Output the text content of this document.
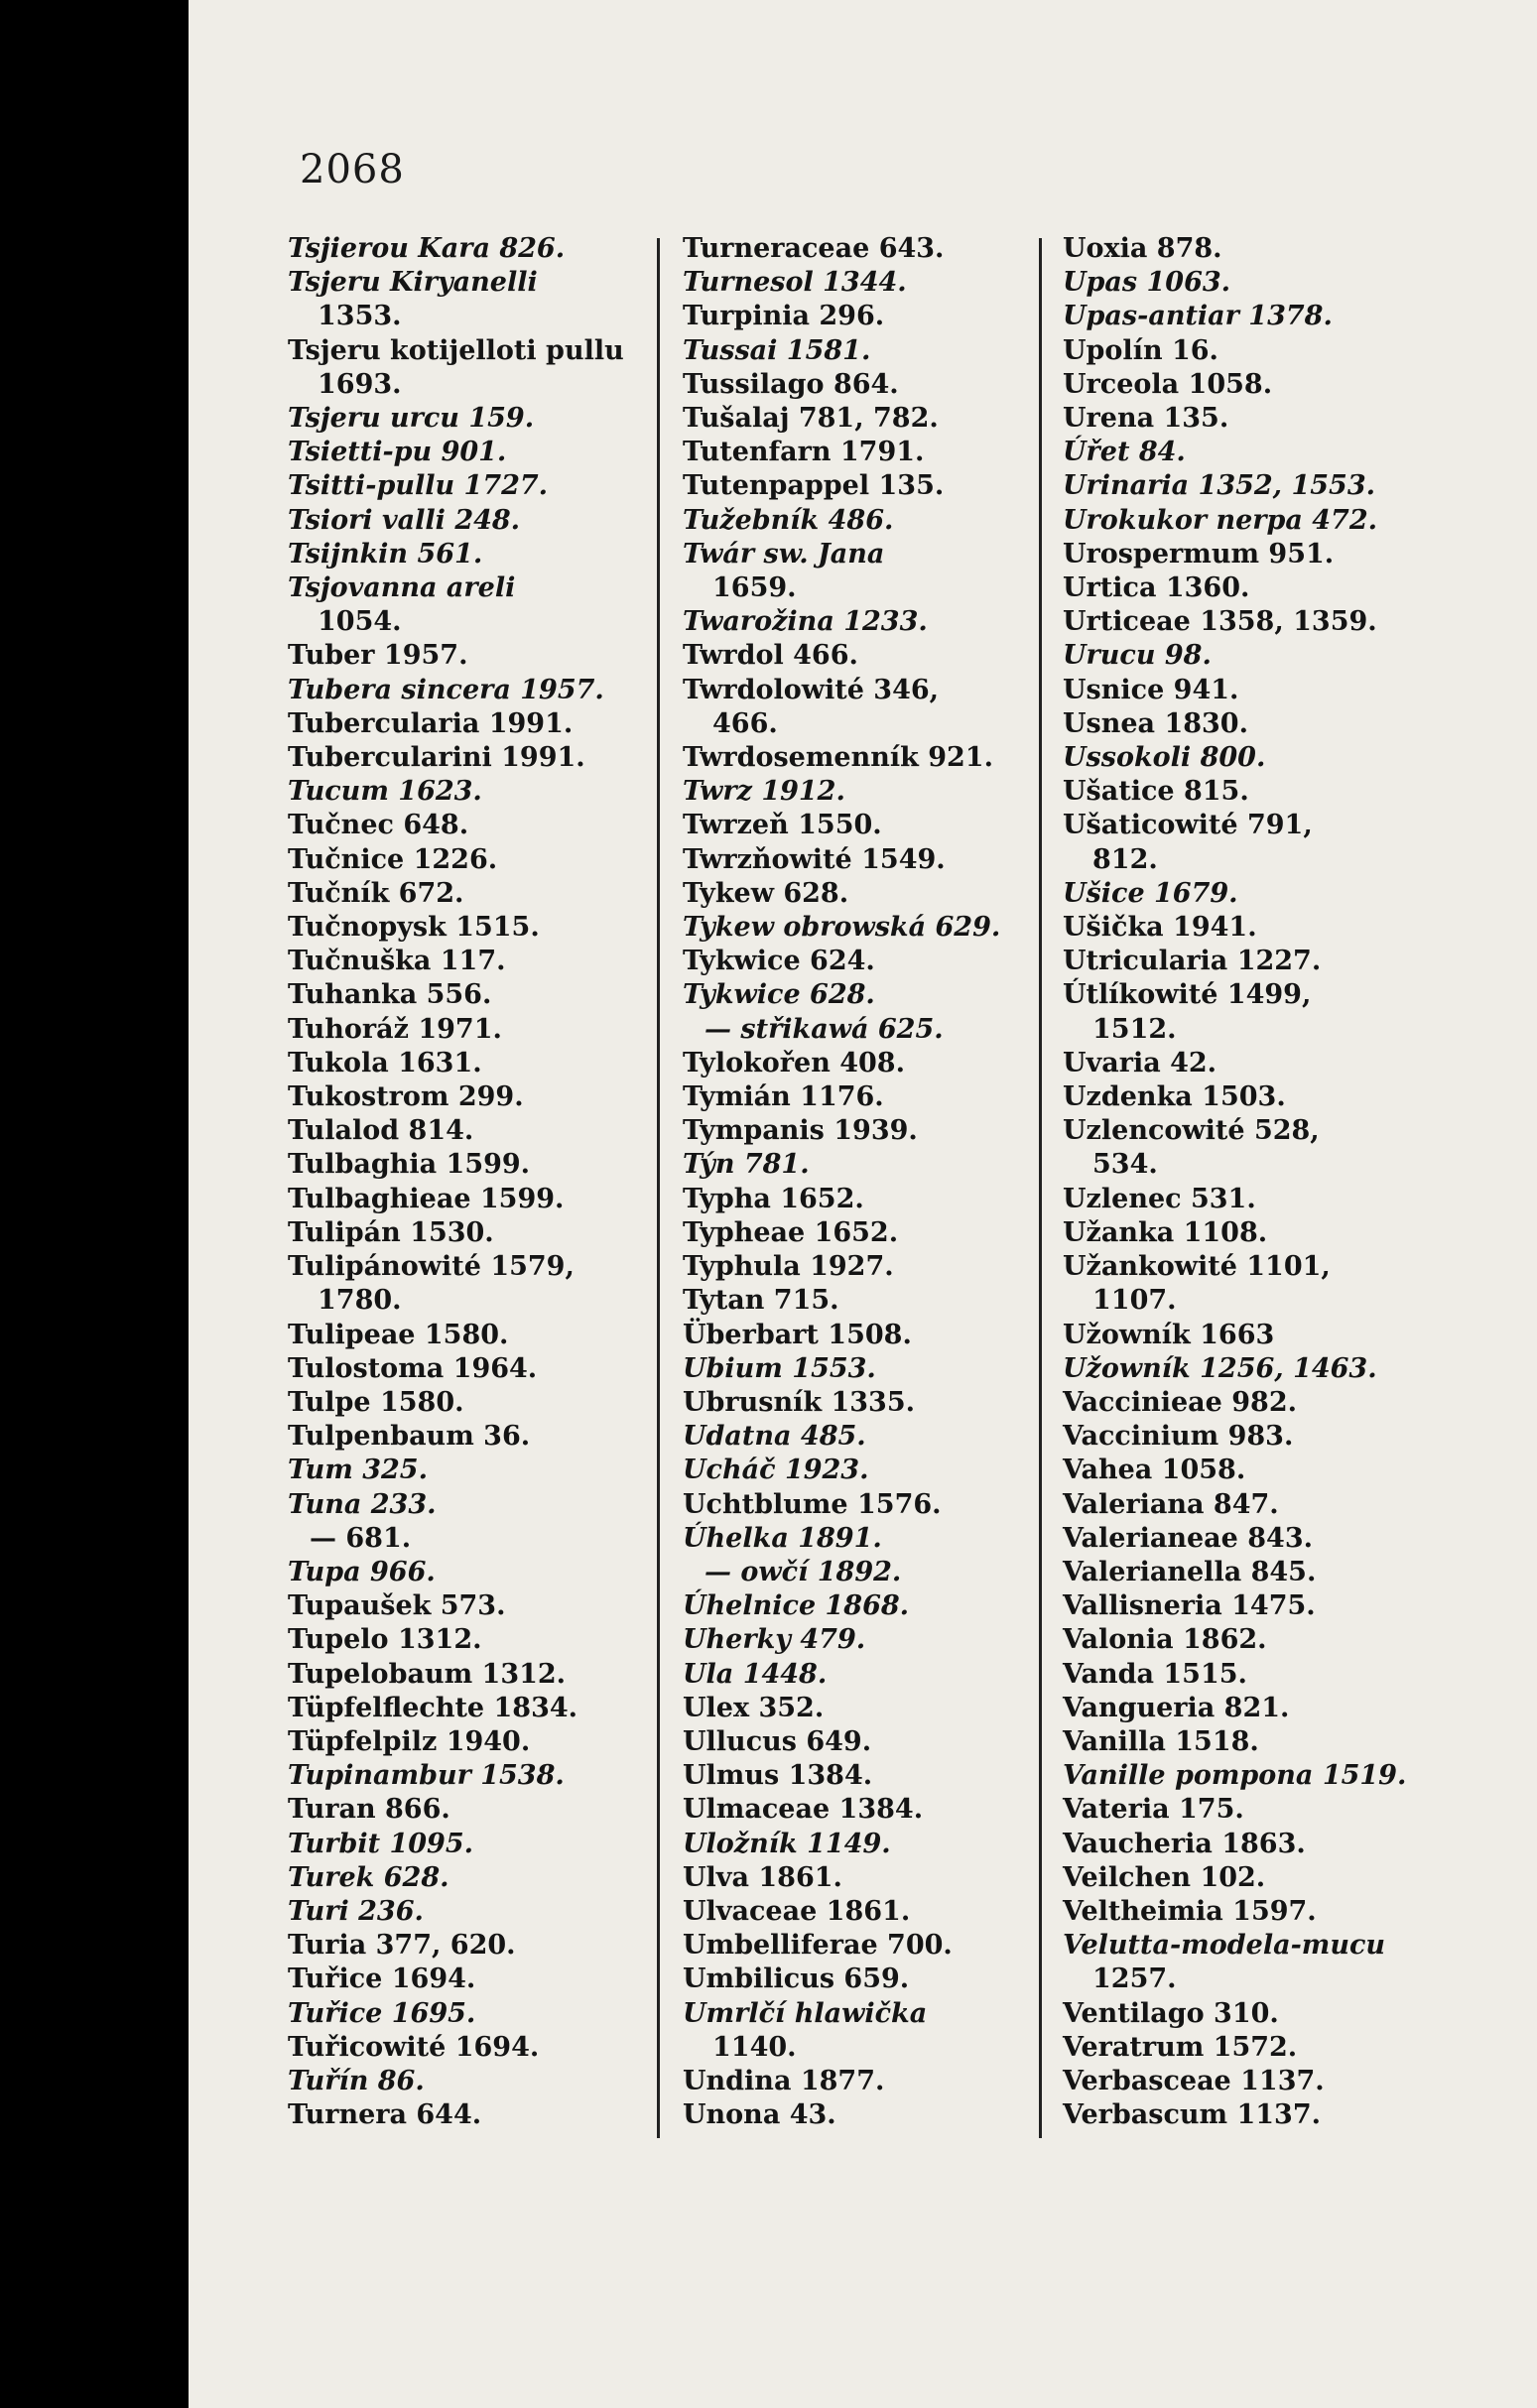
2068
Tsjierou Kara 826.
Tsjeru Kiryanelli
1353.
Tsjeru kotijelloti pullu
1693.
Tsjeru urcu 159.
Tsietti-pu 901.
Tsitti-pullu 1727.
Tsiori valli 248.
Tsijnkin 561.
Tsjovanna areli
1054.
Tuber 1957.
Tubera sincera 1957.
Tubercularia 1991.
Tubercularini 1991.
Tucum 1623.
Tučnec 648.
Tučnice 1226.
Tučník 672.
Tučnopysk 1515.
Tučnuška 117.
Tuhanka 556.
Tuhoráž 1971.
Tukola 1631.
Tukostrom 299.
Tulalod 814.
Tulbaghia 1599.
Tulbaghieae 1599.
Tulipán 1530.
Tulipánowité 1579,
1780.
Tulipeae 1580.
Tulostoma 1964.
Tulpe 1580.
Tulpenbaum 36.
Tum 325.
Tuna 233.
— 681.
Tupa 966.
Tupaušek 573.
Tupelo 1312.
Tupelobaum 1312.
Tüpfelflechte 1834.
Tüpfelpilz 1940.
Tupinambur 1538.
Turan 866.
Turbit 1095.
Turek 628.
Turi 236.
Turia 377, 620.
Tuřice 1694.
Tuřice 1695.
Tuřicowité 1694.
Tuřín 86.
Turnera 644.
Turneraceae 643.
Turnesol 1344.
Turpinia 296.
Tussai 1581.
Tussilago 864.
Tušalaj 781, 782.
Tutenfarn 1791.
Tutenpappel 135.
Tužebník 486.
Twár sw. Jana
1659.
Twarožina 1233.
Twrdol 466.
Twrdolowité 346,
466.
Twrdosemenník 921.
Twrz 1912.
Twrzeň 1550.
Twrzňowité 1549.
Tykew 628.
Tykew obrowská 629.
Tykwice 624.
Tykwice 628.
— střikawá 625.
Tylokořen 408.
Tymián 1176.
Tympanis 1939.
Týn 781.
Typha 1652.
Typheae 1652.
Typhula 1927.
Tytan 715.
Überbart 1508.
Ubium 1553.
Ubrusník 1335.
Udatna 485.
Ucháč 1923.
Uchtblume 1576.
Úhelka 1891.
— owčí 1892.
Úhelnice 1868.
Uherky 479.
Ula 1448.
Ulex 352.
Ullucus 649.
Ulmus 1384.
Ulmaceae 1384.
Uložník 1149.
Ulva 1861.
Ulvaceae 1861.
Umbelliferae 700.
Umbilicus 659.
Umrlčí hlawička
1140.
Undina 1877.
Unona 43.
Uoxia 878.
Upas 1063.
Upas-antiar 1378.
Upolín 16.
Urceola 1058.
Urena 135.
Úřet 84.
Urinaria 1352, 1553.
Urokukor nerpa 472.
Urospermum 951.
Urtica 1360.
Urticeae 1358, 1359.
Urucu 98.
Usnice 941.
Usnea 1830.
Ussokoli 800.
Ušatice 815.
Ušaticowité 791,
812.
Ušice 1679.
Ušička 1941.
Utricularia 1227.
Útlíkowité 1499,
1512.
Uvaria 42.
Uzdenka 1503.
Uzlencowité 528,
534.
Uzlenec 531.
Užanka 1108.
Užankowité 1101,
1107.
Užowník 1663
Užowník 1256, 1463.
Vaccinieae 982.
Vaccinium 983.
Vahea 1058.
Valeriana 847.
Valerianeae 843.
Valerianella 845.
Vallisneria 1475.
Valonia 1862.
Vanda 1515.
Vangueria 821.
Vanilla 1518.
Vanille pompona 1519.
Vateria 175.
Vaucheria 1863.
Veilchen 102.
Veltheimia 1597.
Velutta-modela-mucu
1257.
Ventilago 310.
Veratrum 1572.
Verbasceae 1137.
Verbascum 1137.
